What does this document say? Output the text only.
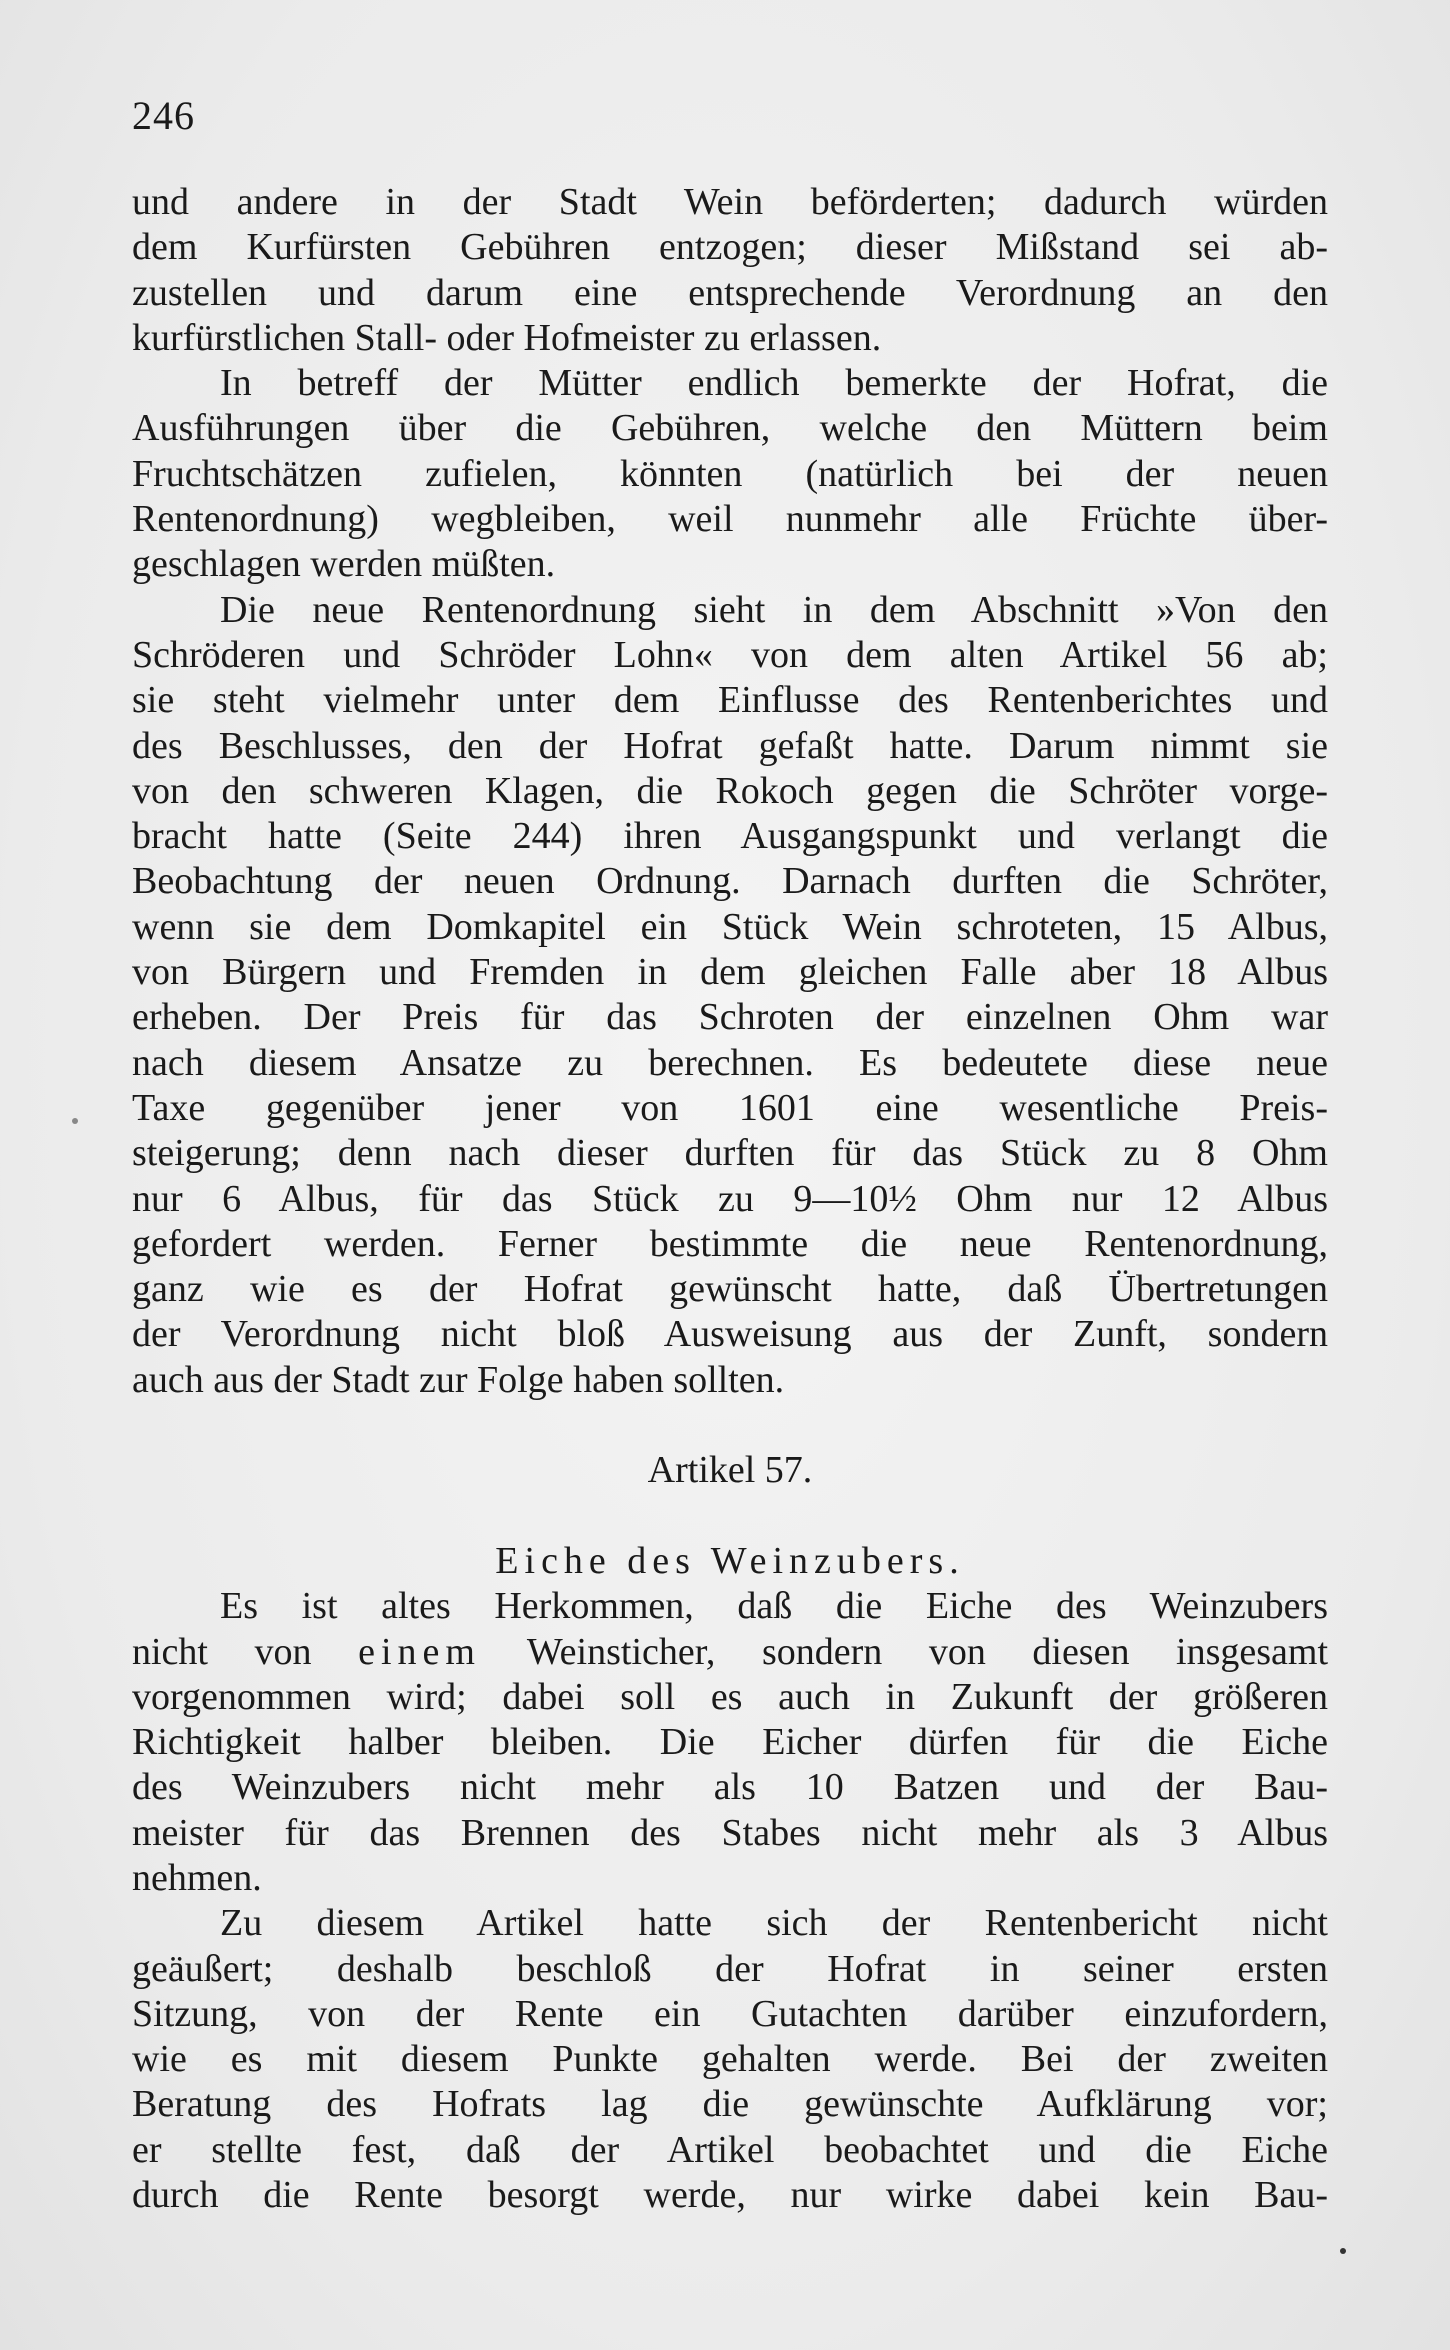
246
und andere in der Stadt Wein beförderten; dadurch würden
dem Kurfürsten Gebühren entzogen; dieser Mißstand sei ab-
zustellen und darum eine entsprechende Verordnung an den
kurfürstlichen Stall- oder Hofmeister zu erlassen.
In betreff der Mütter endlich bemerkte der Hofrat, die
Ausführungen über die Gebühren, welche den Müttern beim
Fruchtschätzen zufielen, könnten (natürlich bei der neuen
Rentenordnung) wegbleiben, weil nunmehr alle Früchte über-
geschlagen werden müßten.
Die neue Rentenordnung sieht in dem Abschnitt »Von den
Schröderen und Schröder Lohn« von dem alten Artikel 56 ab;
sie steht vielmehr unter dem Einflusse des Rentenberichtes und
des Beschlusses, den der Hofrat gefaßt hatte. Darum nimmt sie
von den schweren Klagen, die Rokoch gegen die Schröter vorge-
bracht hatte (Seite 244) ihren Ausgangspunkt und verlangt die
Beobachtung der neuen Ordnung. Darnach durften die Schröter,
wenn sie dem Domkapitel ein Stück Wein schroteten, 15 Albus,
von Bürgern und Fremden in dem gleichen Falle aber 18 Albus
erheben. Der Preis für das Schroten der einzelnen Ohm war
nach diesem Ansatze zu berechnen. Es bedeutete diese neue
Taxe gegenüber jener von 1601 eine wesentliche Preis-
steigerung; denn nach dieser durften für das Stück zu 8 Ohm
nur 6 Albus, für das Stück zu 9—10½ Ohm nur 12 Albus
gefordert werden. Ferner bestimmte die neue Rentenordnung,
ganz wie es der Hofrat gewünscht hatte, daß Übertretungen
der Verordnung nicht bloß Ausweisung aus der Zunft, sondern
auch aus der Stadt zur Folge haben sollten.
Artikel 57.
Eiche des Weinzubers.
Es ist altes Herkommen, daß die Eiche des Weinzubers
nicht von einem Weinsticher, sondern von diesen insgesamt
vorgenommen wird; dabei soll es auch in Zukunft der größeren
Richtigkeit halber bleiben. Die Eicher dürfen für die Eiche
des Weinzubers nicht mehr als 10 Batzen und der Bau-
meister für das Brennen des Stabes nicht mehr als 3 Albus
nehmen.
Zu diesem Artikel hatte sich der Rentenbericht nicht
geäußert; deshalb beschloß der Hofrat in seiner ersten
Sitzung, von der Rente ein Gutachten darüber einzufordern,
wie es mit diesem Punkte gehalten werde. Bei der zweiten
Beratung des Hofrats lag die gewünschte Aufklärung vor;
er stellte fest, daß der Artikel beobachtet und die Eiche
durch die Rente besorgt werde, nur wirke dabei kein Bau-
